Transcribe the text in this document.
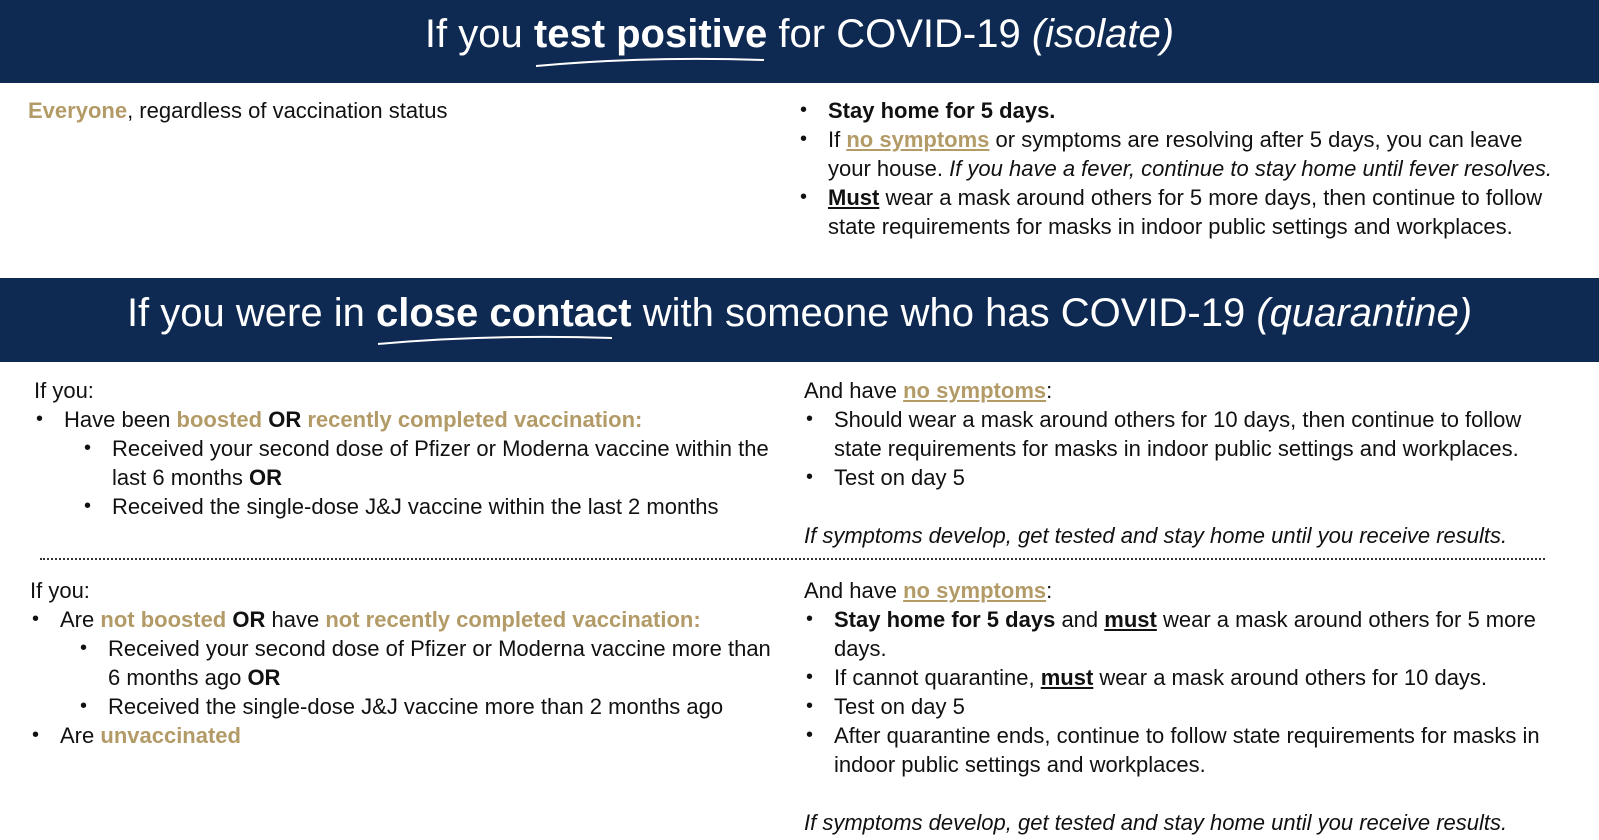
If you test positive for COVID-19 (isolate)
Everyone, regardless of vaccination status
•	Stay home for 5 days.
• If no symptoms or symptoms are resolving after 5 days, you can leave your house. If you have a fever, continue to stay home until fever resolves.
• Must wear a mask around others for 5 more days, then continue to follow state requirements for masks in indoor public settings and workplaces.
If you were in close contact with someone who has COVID-19 (quarantine)
If you:
• Have been boosted OR recently completed vaccination:
• Received your second dose of Pfizer or Moderna vaccine within the last 6 months OR
• Received the single-dose J&J vaccine within the last 2 months
And have no symptoms:
• Should wear a mask around others for 10 days, then continue to follow state requirements for masks in indoor public settings and workplaces.
• Test on day 5
If symptoms develop, get tested and stay home until you receive results.
If you:
• Are not boosted OR have not recently completed vaccination:
• Received your second dose of Pfizer or Moderna vaccine more than 6 months ago OR
• Received the single-dose J&J vaccine more than 2 months ago
• Are unvaccinated
And have no symptoms:
• Stay home for 5 days and must wear a mask around others for 5 more days.
• If cannot quarantine, must wear a mask around others for 10 days.
• Test on day 5
• After quarantine ends, continue to follow state requirements for masks in indoor public settings and workplaces.
If symptoms develop, get tested and stay home until you receive results.
